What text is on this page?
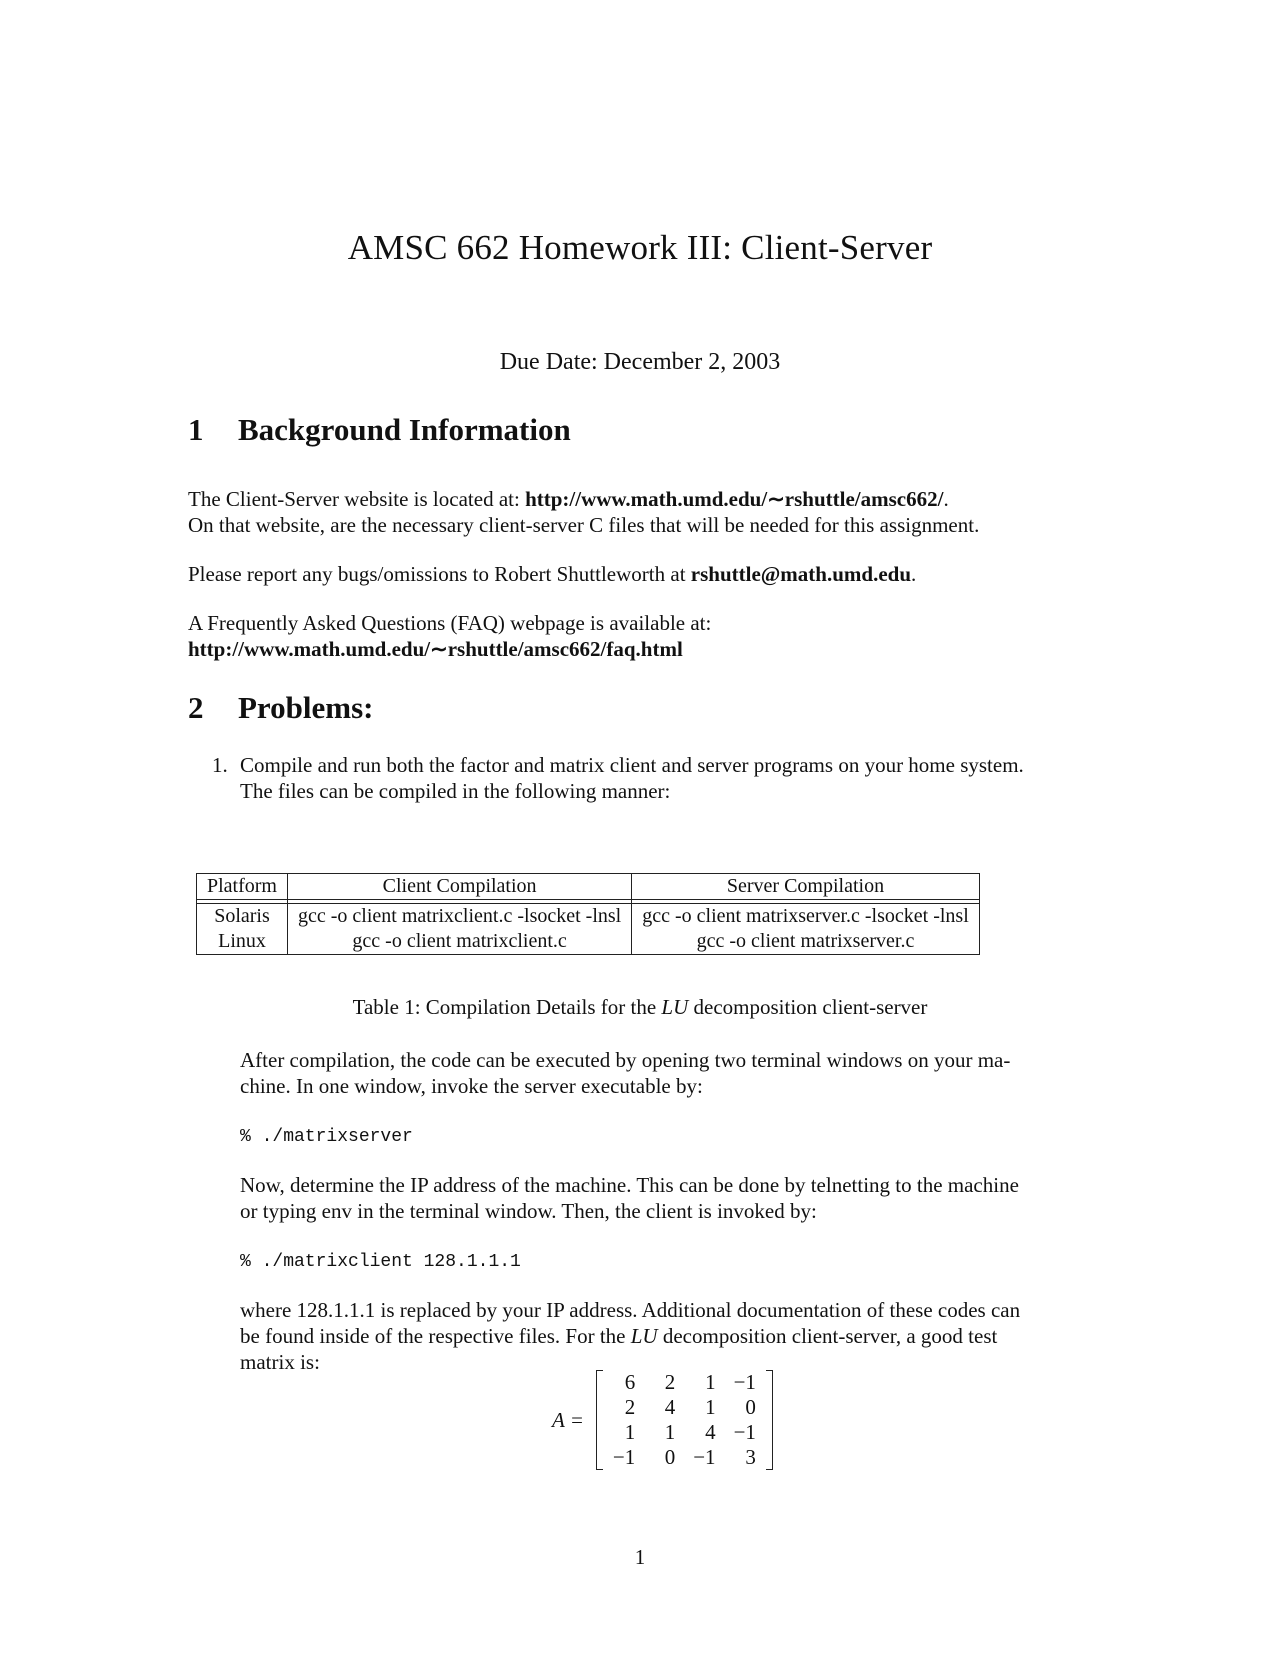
AMSC 662 Homework III: Client-Server
Due Date: December 2, 2003
1	Background Information
The Client-Server website is located at: http://www.math.umd.edu/∼rshuttle/amsc662/.
On that website, are the necessary client-server C files that will be needed for this assignment.
Please report any bugs/omissions to Robert Shuttleworth at rshuttle@math.umd.edu.
A Frequently Asked Questions (FAQ) webpage is available at:
http://www.math.umd.edu/∼rshuttle/amsc662/faq.html
2	Problems:
1. Compile and run both the factor and matrix client and server programs on your home system.
The files can be compiled in the following manner:
Platform	Client Compilation	Server Compilation

Solaris	gcc -o client matrixclient.c -lsocket -lnsl	gcc -o client matrixserver.c -lsocket -lnsl
Linux	gcc -o client matrixclient.c	gcc -o client matrixserver.c
Table 1: Compilation Details for the LU decomposition client-server
After compilation, the code can be executed by opening two terminal windows on your ma-
chine. In one window, invoke the server executable by:
% ./matrixserver
Now, determine the IP address of the machine. This can be done by telnetting to the machine
or typing env in the terminal window. Then, the client is invoked by:
% ./matrixclient 128.1.1.1
where 128.1.1.1 is replaced by your IP address. Additional documentation of these codes can
be found inside of the respective files. For the LU decomposition client-server, a good test
matrix is:
A =
6	2	1	−1
2	4	1	0
1	1	4	−1
−1	0	−1	3
1
